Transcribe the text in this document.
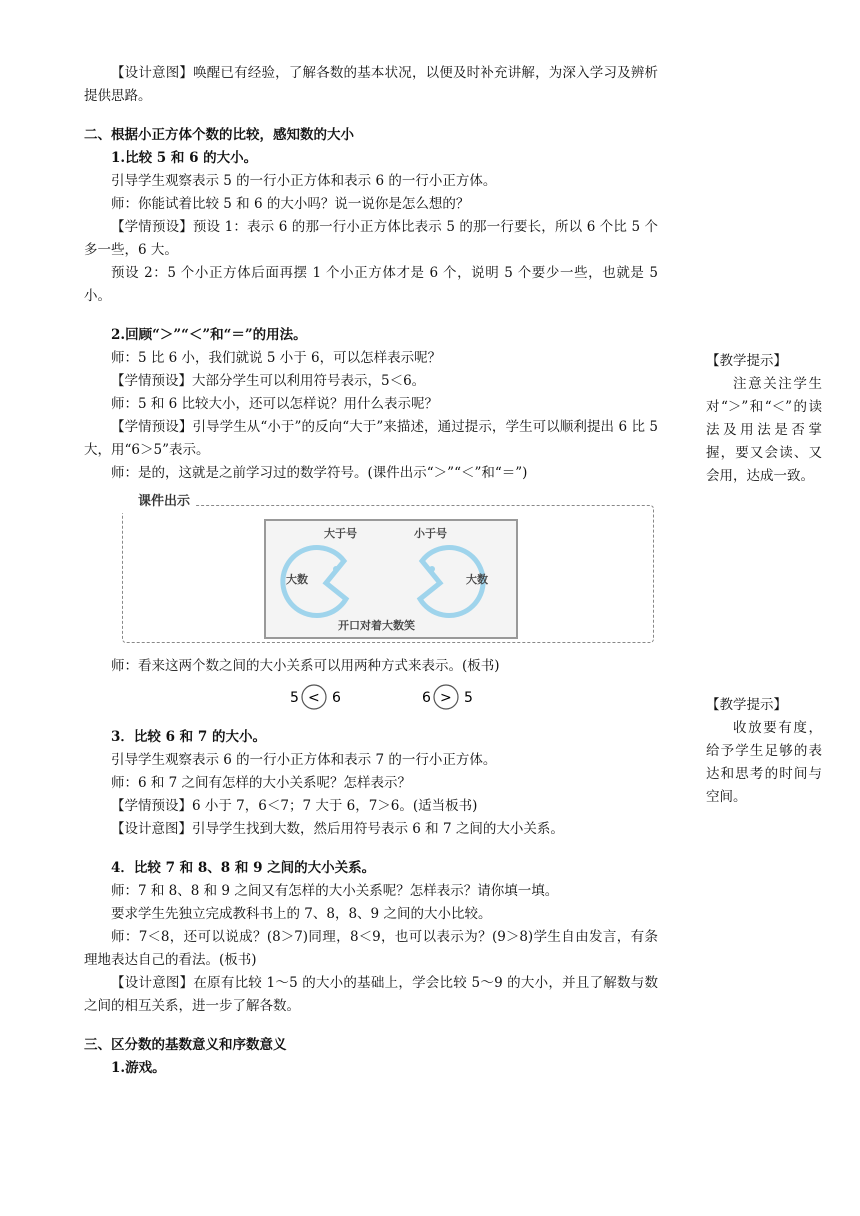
【设计意图】唤醒已有经验，了解各数的基本状况，以便及时补充讲解，为深入学习及辨析提供思路。

二、根据小正方体个数的比较，感知数的大小

1.比较 5 和 6 的大小。

引导学生观察表示 5 的一行小正方体和表示 6 的一行小正方体。

师：你能试着比较 5 和 6 的大小吗？说一说你是怎么想的？

【学情预设】预设 1：表示 6 的那一行小正方体比表示 5 的那一行要长，所以 6 个比 5 个多一些，6 大。

预设 2：5 个小正方体后面再摆 1 个小正方体才是 6 个，说明 5 个要少一些，也就是 5 小。

2.回顾“＞”“＜”和“＝”的用法。

师：5 比 6 小，我们就说 5 小于 6，可以怎样表示呢？

【学情预设】大部分学生可以利用符号表示，5＜6。

师：5 和 6 比较大小，还可以怎样说？用什么表示呢？

【学情预设】引导学生从“小于”的反向“大于”来描述，通过提示，学生可以顺利提出 6 比 5 大，用“6＞5”表示。

师：是的，这就是之前学习过的数学符号。(课件出示“＞”“＜”和“＝”)

课件出示
大于号	小于号
大数	大数
开口对着大数笑

师：看来这两个数之间的大小关系可以用两种方式来表示。(板书)

5 < 6	6 > 5

3．比较 6 和 7 的大小。

引导学生观察表示 6 的一行小正方体和表示 7 的一行小正方体。

师：6 和 7 之间有怎样的大小关系呢？怎样表示？

【学情预设】6 小于 7，6＜7；7 大于 6，7＞6。(适当板书)

【设计意图】引导学生找到大数，然后用符号表示 6 和 7 之间的大小关系。

4．比较 7 和 8、8 和 9 之间的大小关系。

师：7 和 8、8 和 9 之间又有怎样的大小关系呢？怎样表示？请你填一填。

要求学生先独立完成教科书上的 7、8，8、9 之间的大小比较。

师：7＜8，还可以说成？(8＞7)同理，8＜9，也可以表示为？(9＞8)学生自由发言，有条理地表达自己的看法。(板书)

【设计意图】在原有比较 1～5 的大小的基础上，学会比较 5～9 的大小，并且了解数与数之间的相互关系，进一步了解各数。

三、区分数的基数意义和序数意义

1.游戏。

【教学提示】

注意关注学生对“＞”和“＜”的读法及用法是否掌握，要又会读、又会用，达成一致。

【教学提示】

收放要有度，给予学生足够的表达和思考的时间与空间。
